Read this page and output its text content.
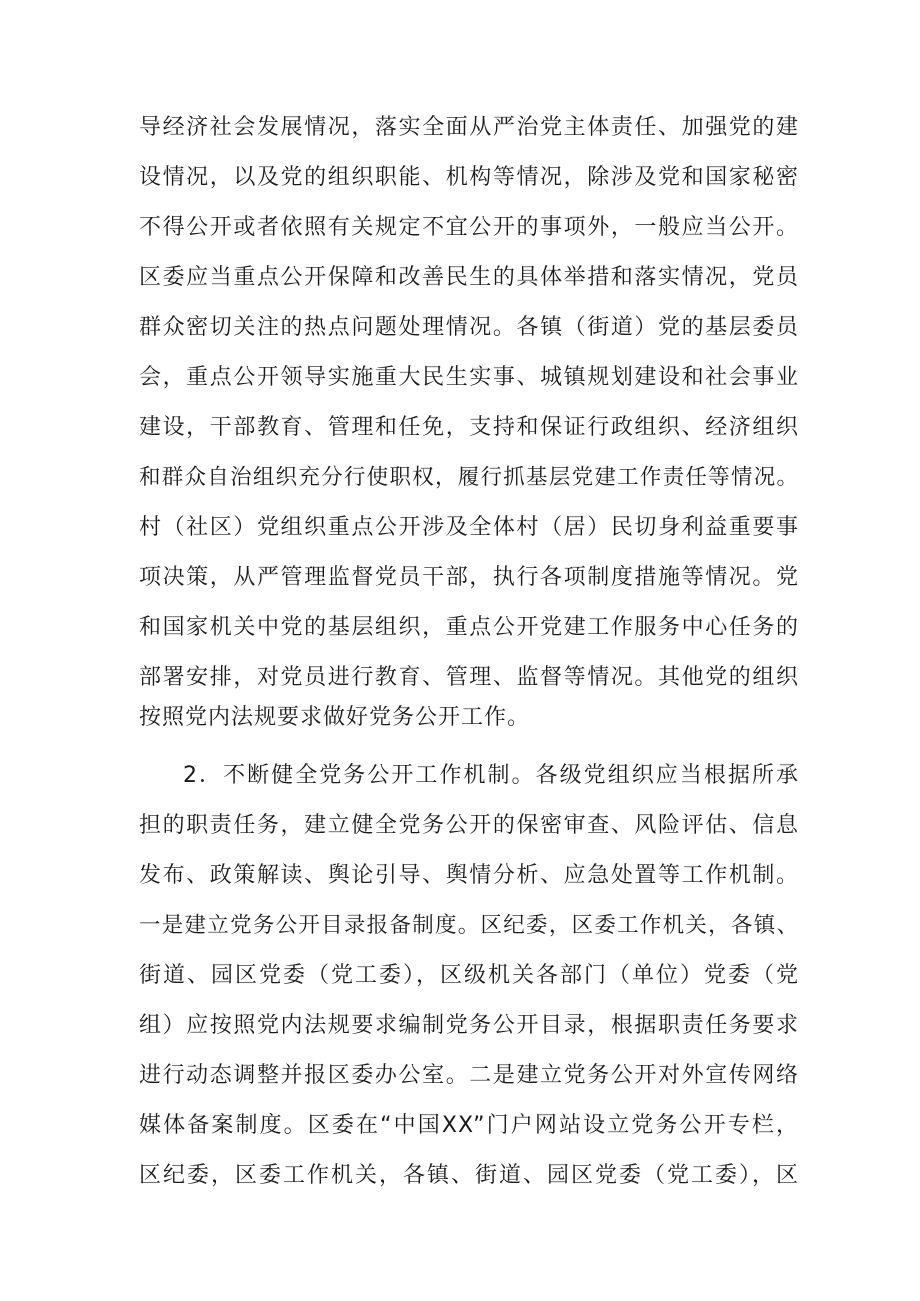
导经济社会发展情况，落实全面从严治党主体责任、加强党的建
设情况，以及党的组织职能、机构等情况，除涉及党和国家秘密
不得公开或者依照有关规定不宜公开的事项外，一般应当公开。
区委应当重点公开保障和改善民生的具体举措和落实情况，党员
群众密切关注的热点问题处理情况。各镇（街道）党的基层委员
会，重点公开领导实施重大民生实事、城镇规划建设和社会事业
建设，干部教育、管理和任免，支持和保证行政组织、经济组织
和群众自治组织充分行使职权，履行抓基层党建工作责任等情况。
村（社区）党组织重点公开涉及全体村（居）民切身利益重要事
项决策，从严管理监督党员干部，执行各项制度措施等情况。党
和国家机关中党的基层组织，重点公开党建工作服务中心任务的
部署安排，对党员进行教育、管理、监督等情况。其他党的组织
按照党内法规要求做好党务公开工作。
2．不断健全党务公开工作机制。各级党组织应当根据所承
担的职责任务，建立健全党务公开的保密审查、风险评估、信息
发布、政策解读、舆论引导、舆情分析、应急处置等工作机制。
一是建立党务公开目录报备制度。区纪委，区委工作机关，各镇、
街道、园区党委（党工委），区级机关各部门（单位）党委（党
组）应按照党内法规要求编制党务公开目录，根据职责任务要求
进行动态调整并报区委办公室。二是建立党务公开对外宣传网络
媒体备案制度。区委在“中国XX”门户网站设立党务公开专栏，
区纪委，区委工作机关，各镇、街道、园区党委（党工委），区
